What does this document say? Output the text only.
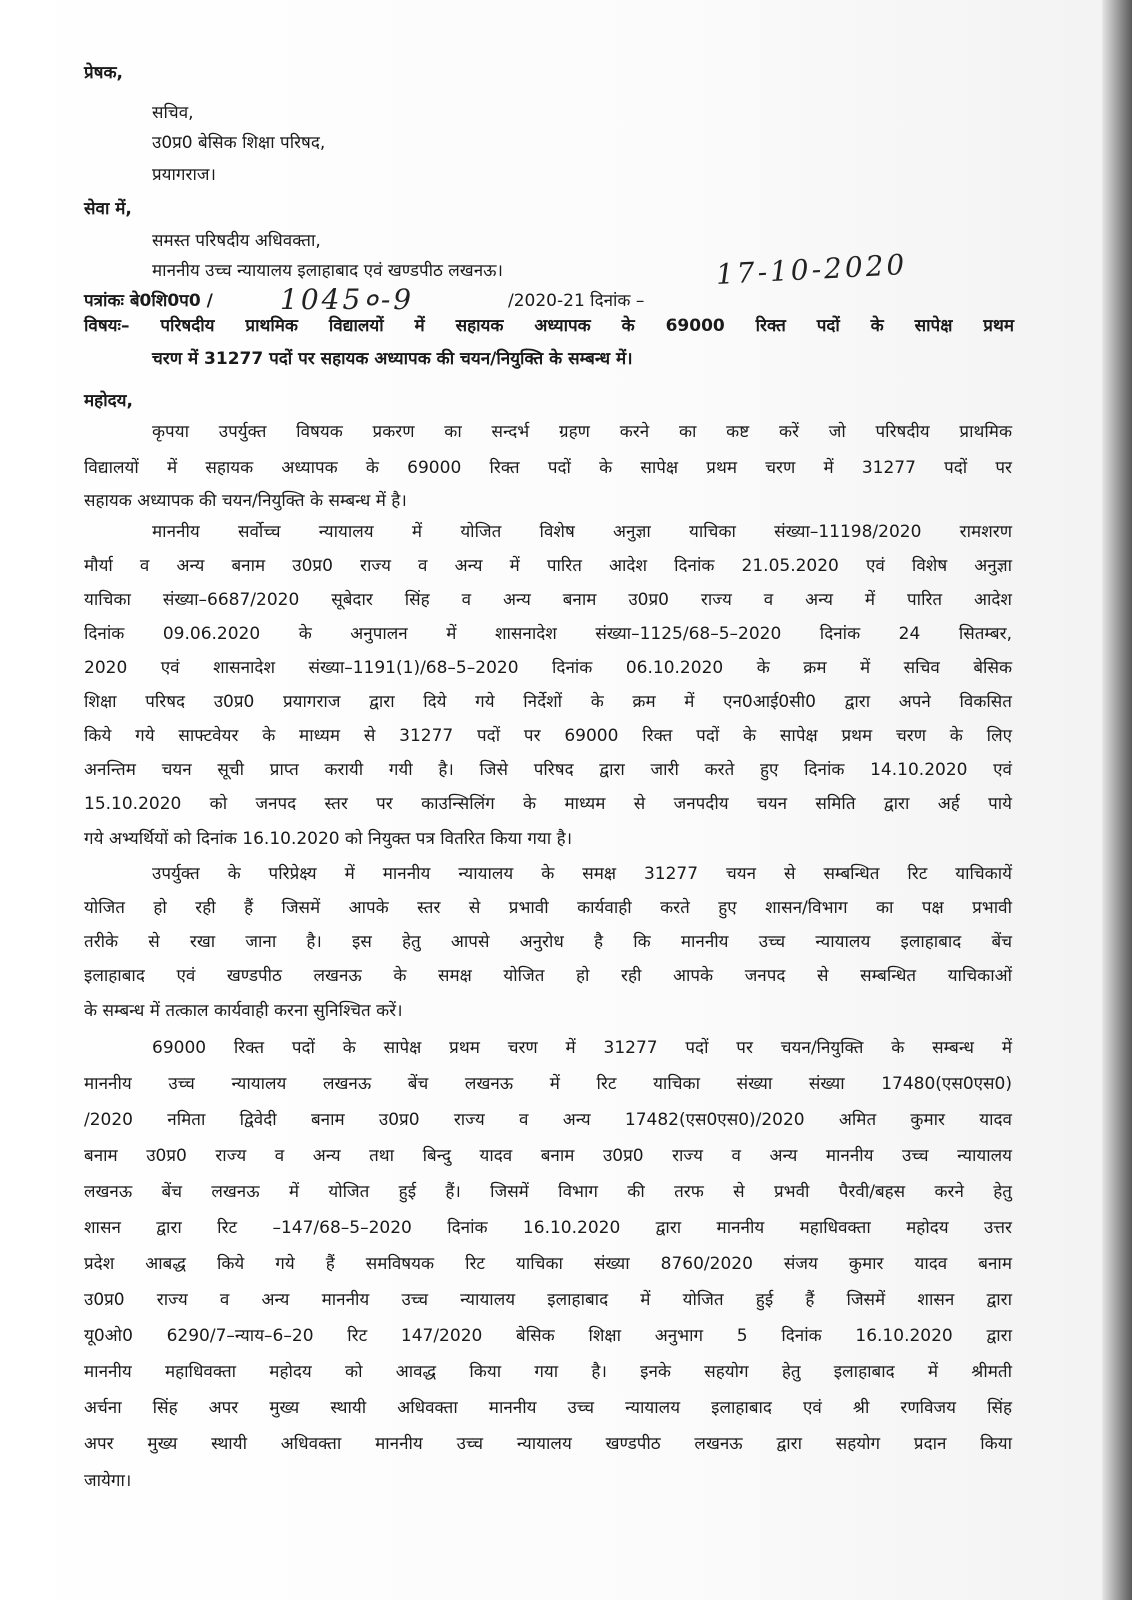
प्रेषक,
सचिव,
उ0प्र0 बेसिक शिक्षा परिषद,
प्रयागराज।
सेवा में,
समस्त परिषदीय अधिवक्ता,
माननीय उच्च न्यायालय इलाहाबाद एवं खण्डपीठ लखनऊ।
पत्रांकः बे0शि0प0 / 1045०-9	/2020-21 दिनांक –
17-10-2020
विषयः– परिषदीय प्राथमिक विद्यालयों में सहायक अध्यापक के 69000 रिक्त पदों के सापेक्ष प्रथम
चरण में 31277 पदों पर सहायक अध्यापक की चयन/नियुक्ति के सम्बन्ध में।
महोदय,
कृपया उपर्युक्त विषयक प्रकरण का सन्दर्भ ग्रहण करने का कष्ट करें जो परिषदीय प्राथमिक
विद्यालयों में सहायक अध्यापक के 69000 रिक्त पदों के सापेक्ष प्रथम चरण में 31277 पदों पर
सहायक अध्यापक की चयन/नियुक्ति के सम्बन्ध में है।
माननीय सर्वोच्च न्यायालय में योजित विशेष अनुज्ञा याचिका संख्या–11198/2020 रामशरण
मौर्या व अन्य बनाम उ0प्र0 राज्य व अन्य में पारित आदेश दिनांक 21.05.2020 एवं विशेष अनुज्ञा
याचिका संख्या–6687/2020 सूबेदार सिंह व अन्य बनाम उ0प्र0 राज्य व अन्य में पारित आदेश
दिनांक 09.06.2020 के अनुपालन में शासनादेश संख्या–1125/68–5–2020 दिनांक 24 सितम्बर,
2020 एवं शासनादेश संख्या–1191(1)/68–5–2020 दिनांक 06.10.2020 के क्रम में सचिव बेसिक
शिक्षा परिषद उ0प्र0 प्रयागराज द्वारा दिये गये निर्देशों के क्रम में एन0आई0सी0 द्वारा अपने विकसित
किये गये साफ्टवेयर के माध्यम से 31277 पदों पर 69000 रिक्त पदों के सापेक्ष प्रथम चरण के लिए
अनन्तिम चयन सूची प्राप्त करायी गयी है। जिसे परिषद द्वारा जारी करते हुए दिनांक 14.10.2020 एवं
15.10.2020 को जनपद स्तर पर काउन्सिलिंग के माध्यम से जनपदीय चयन समिति द्वारा अर्ह पाये
गये अभ्यर्थियों को दिनांक 16.10.2020 को नियुक्त पत्र वितरित किया गया है।
उपर्युक्त के परिप्रेक्ष्य में माननीय न्यायालय के समक्ष 31277 चयन से सम्बन्धित रिट याचिकायें
योजित हो रही हैं जिसमें आपके स्तर से प्रभावी कार्यवाही करते हुए शासन/विभाग का पक्ष प्रभावी
तरीके से रखा जाना है। इस हेतु आपसे अनुरोध है कि माननीय उच्च न्यायालय इलाहाबाद बेंच
इलाहाबाद एवं खण्डपीठ लखनऊ के समक्ष योजित हो रही आपके जनपद से सम्बन्धित याचिकाओं
के सम्बन्ध में तत्काल कार्यवाही करना सुनिश्चित करें।
69000 रिक्त पदों के सापेक्ष प्रथम चरण में 31277 पदों पर चयन/नियुक्ति के सम्बन्ध में
माननीय उच्च न्यायालय लखनऊ बेंच लखनऊ में रिट याचिका संख्या संख्या 17480(एस0एस0)
/2020 नमिता द्विवेदी बनाम उ0प्र0 राज्य व अन्य 17482(एस0एस0)/2020 अमित कुमार यादव
बनाम उ0प्र0 राज्य व अन्य तथा बिन्दु यादव बनाम उ0प्र0 राज्य व अन्य माननीय उच्च न्यायालय
लखनऊ बेंच लखनऊ में योजित हुई हैं। जिसमें विभाग की तरफ से प्रभवी पैरवी/बहस करने हेतु
शासन द्वारा रिट –147/68–5–2020 दिनांक 16.10.2020 द्वारा माननीय महाधिवक्ता महोदय उत्तर
प्रदेश आबद्ध किये गये हैं समविषयक रिट याचिका संख्या 8760/2020 संजय कुमार यादव बनाम
उ0प्र0 राज्य व अन्य माननीय उच्च न्यायालय इलाहाबाद में योजित हुई हैं जिसमें शासन द्वारा
यू0ओ0 6290/7–न्याय–6–20 रिट 147/2020 बेसिक शिक्षा अनुभाग 5 दिनांक 16.10.2020 द्वारा
माननीय महाधिवक्ता महोदय को आवद्ध किया गया है। इनके सहयोग हेतु इलाहाबाद में श्रीमती
अर्चना सिंह अपर मुख्य स्थायी अधिवक्ता माननीय उच्च न्यायालय इलाहाबाद एवं श्री रणविजय सिंह
अपर मुख्य स्थायी अधिवक्ता माननीय उच्च न्यायालय खण्डपीठ लखनऊ द्वारा सहयोग प्रदान किया
जायेगा।
